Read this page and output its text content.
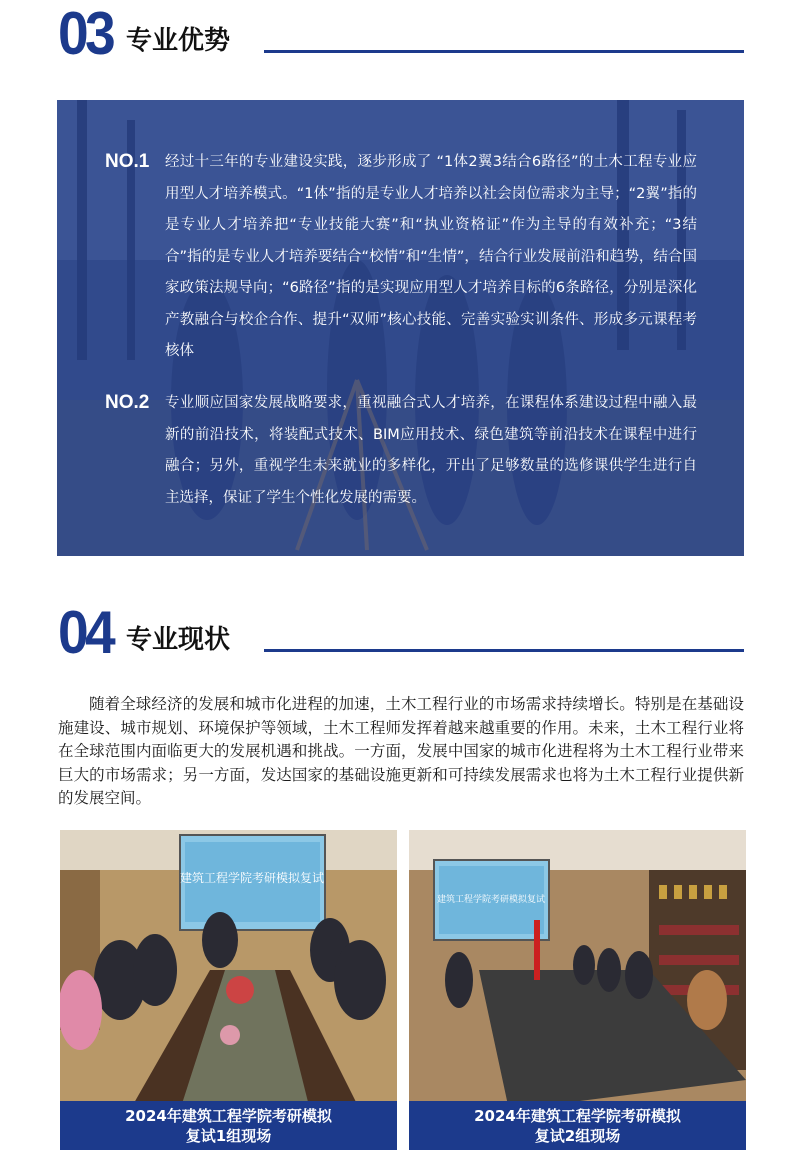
03 专业优势
NO.1 经过十三年的专业建设实践，逐步形成了 “1体2翼3结合6路径”的土木工程专业应用型人才培养模式。“1体”指的是专业人才培养以社会岗位需求为主导；“2翼”指的是专业人才培养把“专业技能大赛”和“执业资格证”作为主导的有效补充；“3结合”指的是专业人才培养要结合“校情”和“生情”，结合行业发展前沿和趋势，结合国家政策法规导向；“6路径”指的是实现应用型人才培养目标的6条路径，分别是深化产教融合与校企合作、提升“双师”核心技能、完善实验实训条件、形成多元课程考核体
NO.2 专业顺应国家发展战略要求，重视融合式人才培养，在课程体系建设过程中融入最新的前沿技术，将装配式技术、BIM应用技术、绿色建筑等前沿技术在课程中进行融合；另外，重视学生未来就业的多样化，开出了足够数量的选修课供学生进行自主选择，保证了学生个性化发展的需要。
04 专业现状
随着全球经济的发展和城市化进程的加速，土木工程行业的市场需求持续增长。特别是在基础设施建设、城市规划、环境保护等领域，土木工程师发挥着越来越重要的作用。未来，土木工程行业将在全球范围内面临更大的发展机遇和挑战。一方面，发展中国家的城市化进程将为土木工程行业带来巨大的市场需求；另一方面，发达国家的基础设施更新和可持续发展需求也将为土木工程行业提供新的发展空间。
建筑工程学院考研模拟复试
2024年建筑工程学院考研模拟
复试1组现场
建筑工程学院考研模拟复试
2024年建筑工程学院考研模拟
复试2组现场
